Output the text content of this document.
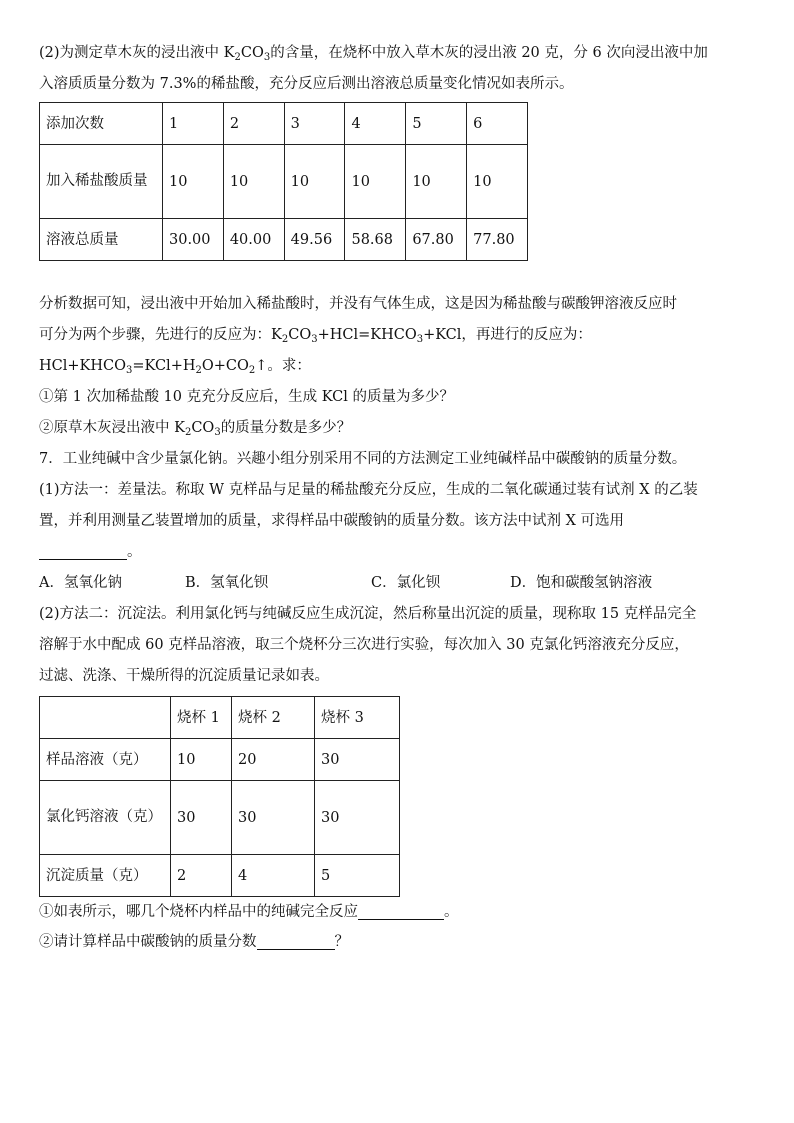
(2)为测定草木灰的浸出液中 $K_2CO_3$的含量，在烧杯中放入草木灰的浸出液 20 克，分 6 次向浸出液中加
入溶质质量分数为 7.3%的稀盐酸，充分反应后测出溶液总质量变化情况如表所示。

添加次数	1	2	3	4	5	6
加入稀盐酸质量	10	10	10	10	10	10
溶液总质量	30.00	40.00	49.56	58.68	67.80	77.80

分析数据可知，浸出液中开始加入稀盐酸时，并没有气体生成，这是因为稀盐酸与碳酸钾溶液反应时

可分为两个步骤，先进行的反应为：$K_2CO_3+HCl=KHCO_3+KCl$，再进行的反应为：

$HCl+KHCO_3=KCl+H_2O+CO_2↑$。求：

①第 1 次加稀盐酸 10 克充分反应后，生成 KCl 的质量为多少？

②原草木灰浸出液中 $K_2CO_3$的质量分数是多少？

7．工业纯碱中含少量氯化钠。兴趣小组分别采用不同的方法测定工业纯碱样品中碳酸钠的质量分数。

(1)方法一：差量法。称取 W 克样品与足量的稀盐酸充分反应，生成的二氧化碳通过装有试剂 X 的乙装

置，并利用测量乙装置增加的质量，求得样品中碳酸钠的质量分数。该方法中试剂 X 可选用

。

A．氢氧化钠	B．氢氧化钡	C．氯化钡	D．饱和碳酸氢钠溶液

(2)方法二：沉淀法。利用氯化钙与纯碱反应生成沉淀，然后称量出沉淀的质量，现称取 15 克样品完全

溶解于水中配成 60 克样品溶液，取三个烧杯分三次进行实验，每次加入 30 克氯化钙溶液充分反应，

过滤、洗涤、干燥所得的沉淀质量记录如表。

	烧杯 1	烧杯 2	烧杯 3
样品溶液（克）	10	20	30
氯化钙溶液（克）	30	30	30
沉淀质量（克）	2	4	5

①如表所示，哪几个烧杯内样品中的纯碱完全反应	。

②请计算样品中碳酸钠的质量分数	？
